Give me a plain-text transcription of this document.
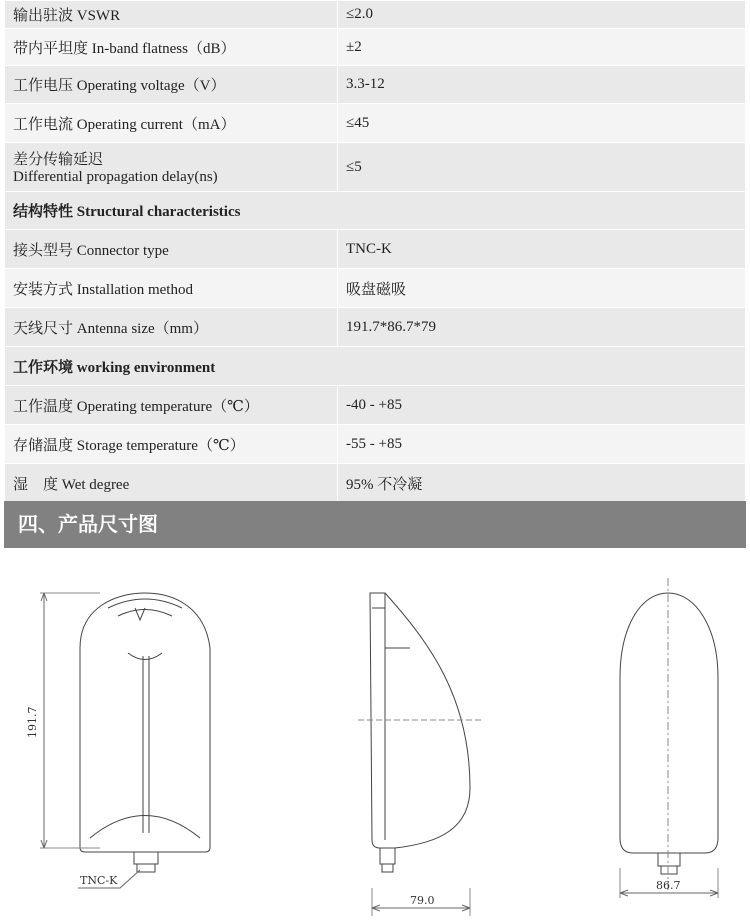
输出驻波 VSWR	≤2.0
带内平坦度 In-band flatness（dB）	±2
工作电压 Operating voltage（V）	3.3-12
工作电流 Operating current（mA）	≤45

差分传输延迟
Differential propagation delay(ns)	≤5
结构特性 Structural characteristics	
接头型号 Connector type	TNC-K
安装方式 Installation method	吸盘磁吸
天线尺寸 Antenna size（mm）	191.7*86.7*79
工作环境 working environment	
工作温度 Operating temperature（℃）	-40 - +85
存储温度 Storage temperature（℃）	-55 - +85
湿　度 Wet degree	95% 不冷凝
四、产品尺寸图
191.7
TNC-K
79.0
86.7
